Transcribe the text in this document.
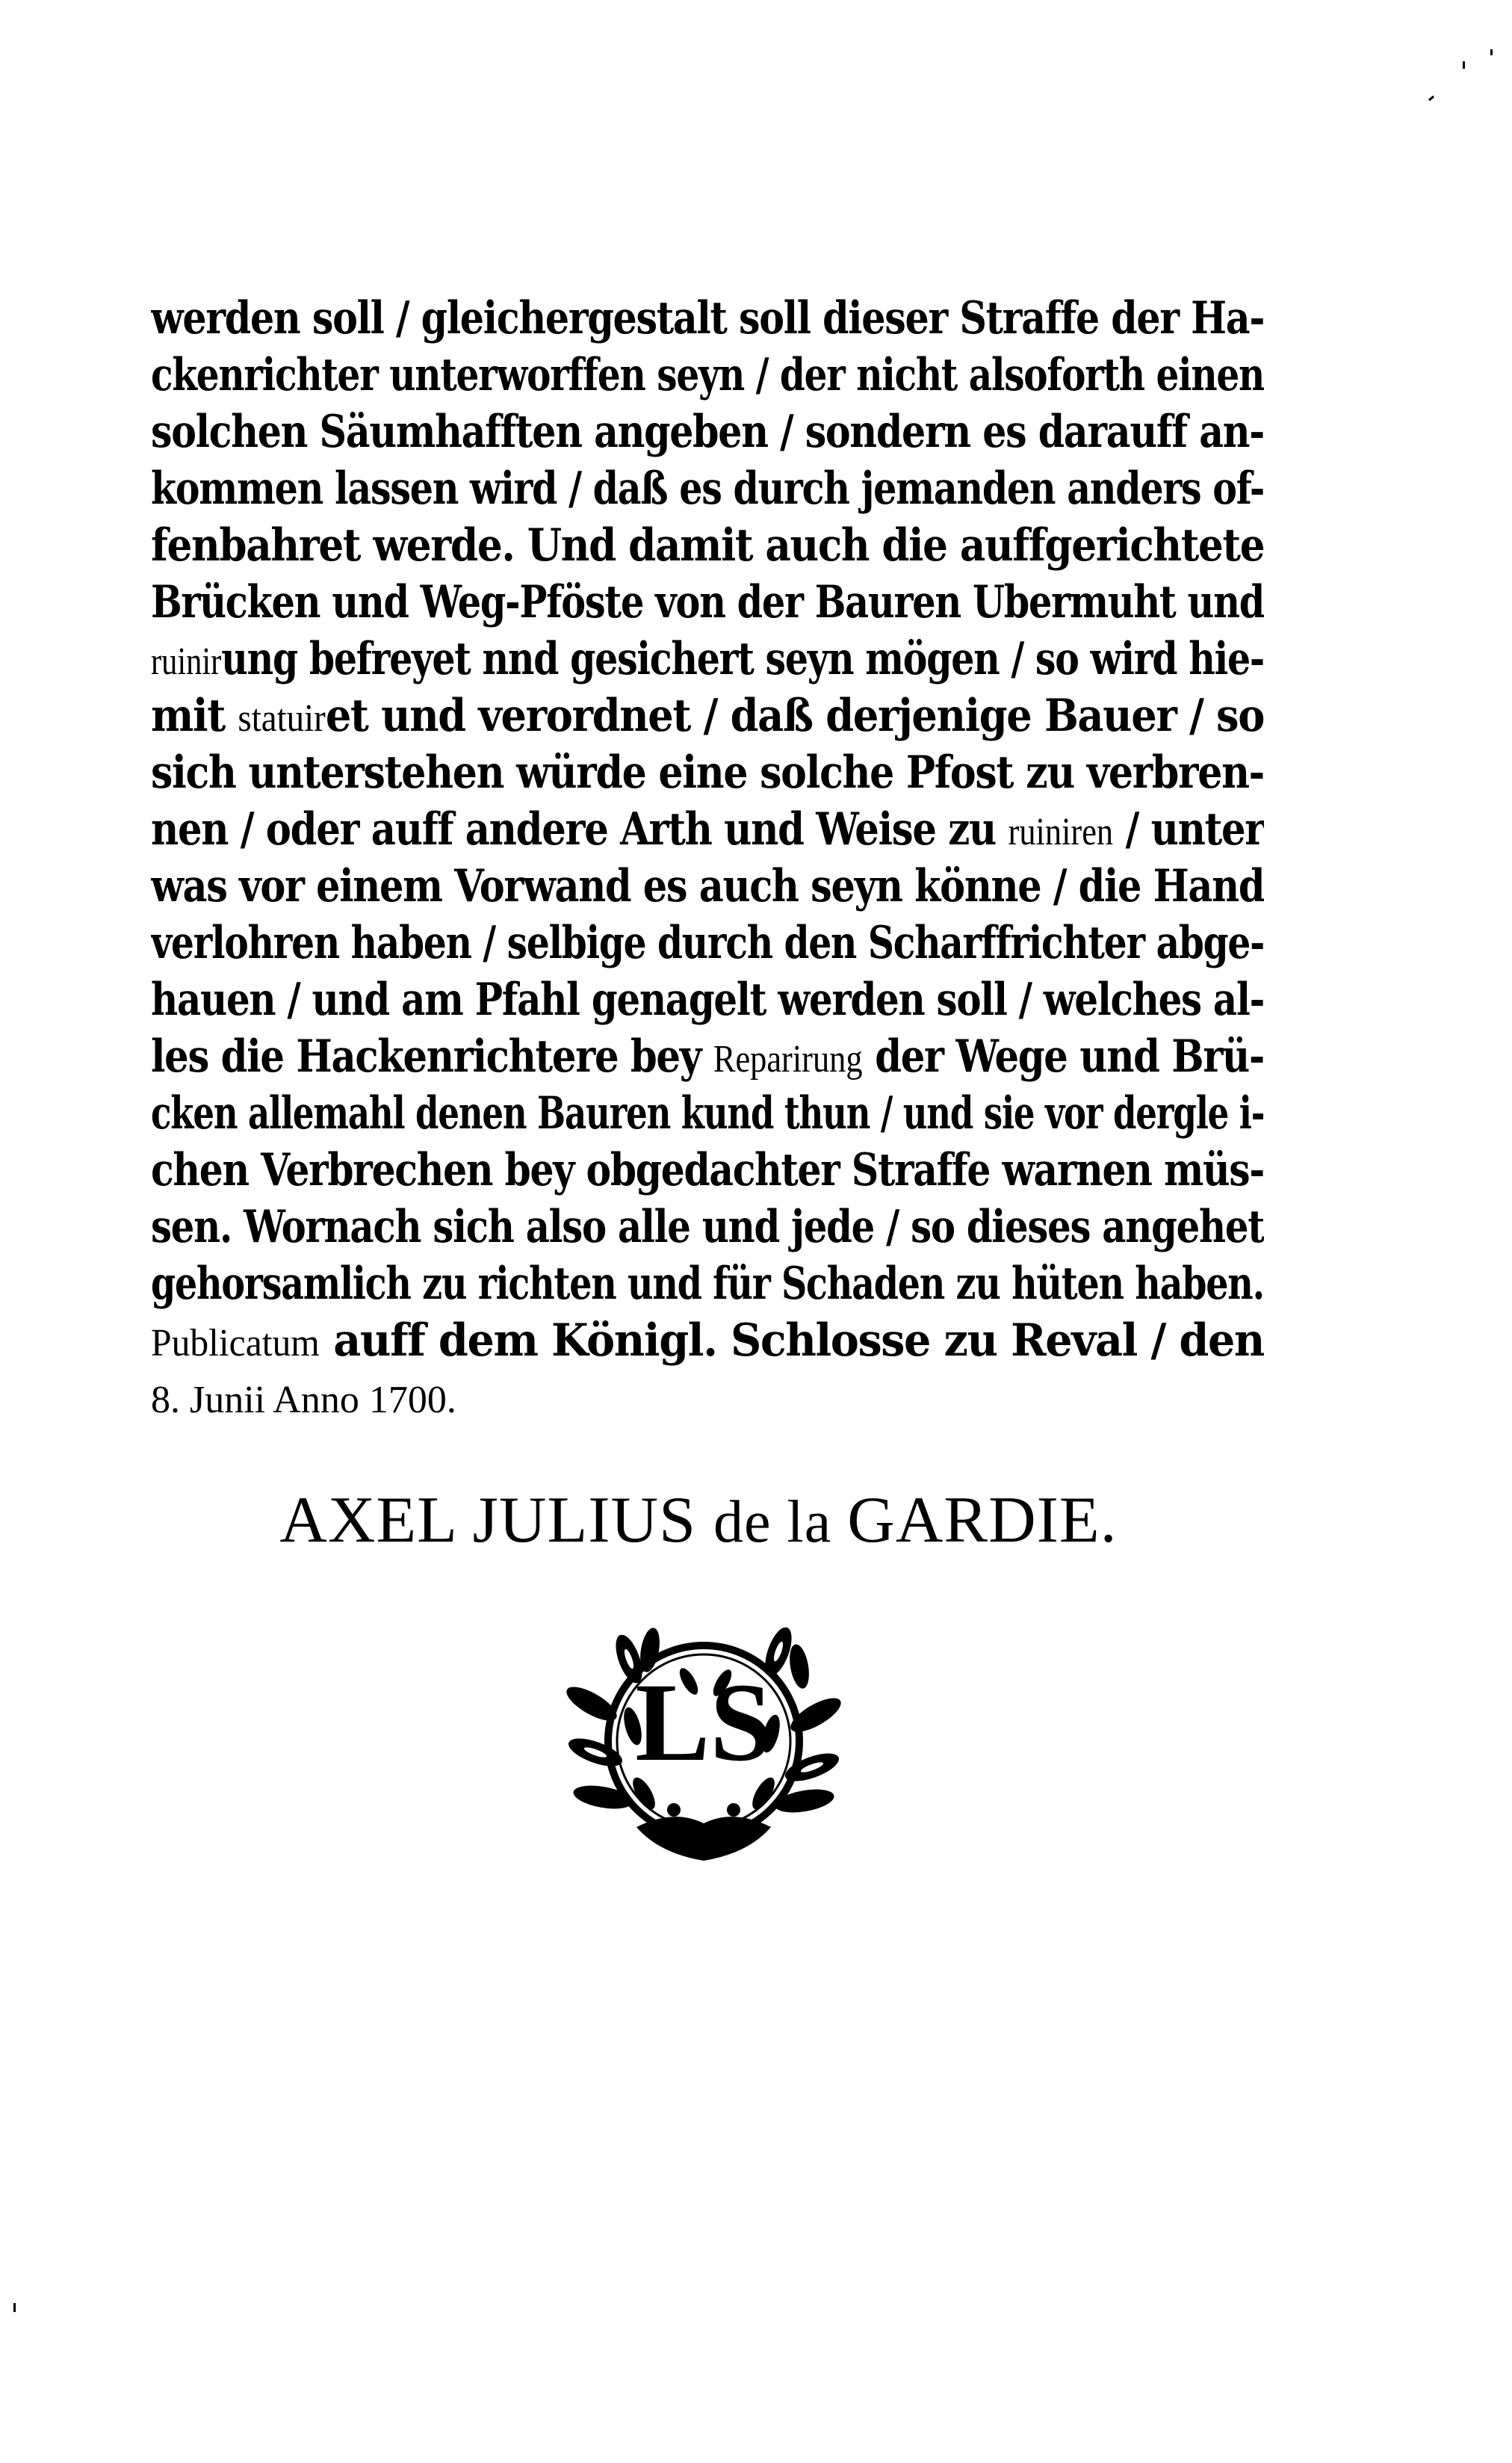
werden soll / gleichergestalt soll dieser Straffe der Ha-
ckenrichter unterworffen seyn / der nicht alsoforth einen
solchen Säumhafften angeben / sondern es darauff an-
kommen lassen wird / daß es durch jemanden anders of-
fenbahret werde. Und damit auch die auffgerichtete
Brücken und Weg-Pföste von der Bauren Ubermuht und
ruinirung befreyet nnd gesichert seyn mögen / so wird hie-
mit statuiret und verordnet / daß derjenige Bauer / so
sich unterstehen würde eine solche Pfost zu verbren-
nen / oder auff andere Arth und Weise zu ruiniren / unter
was vor einem Vorwand es auch seyn könne / die Hand
verlohren haben / selbige durch den Scharffrichter abge-
hauen / und am Pfahl genagelt werden soll / welches al-
les die Hackenrichtere bey Reparirung der Wege und Brü-
cken allemahl denen Bauren kund thun / und sie vor dergle i-
chen Verbrechen bey obgedachter Straffe warnen müs-
sen. Wornach sich also alle und jede / so dieses angehet
gehorsamlich zu richten und für Schaden zu hüten haben.
Publicatum auff dem Königl. Schlosse zu Reval / den
8. Junii Anno 1700.
AXEL JULIUS de la GARDIE.
LS
